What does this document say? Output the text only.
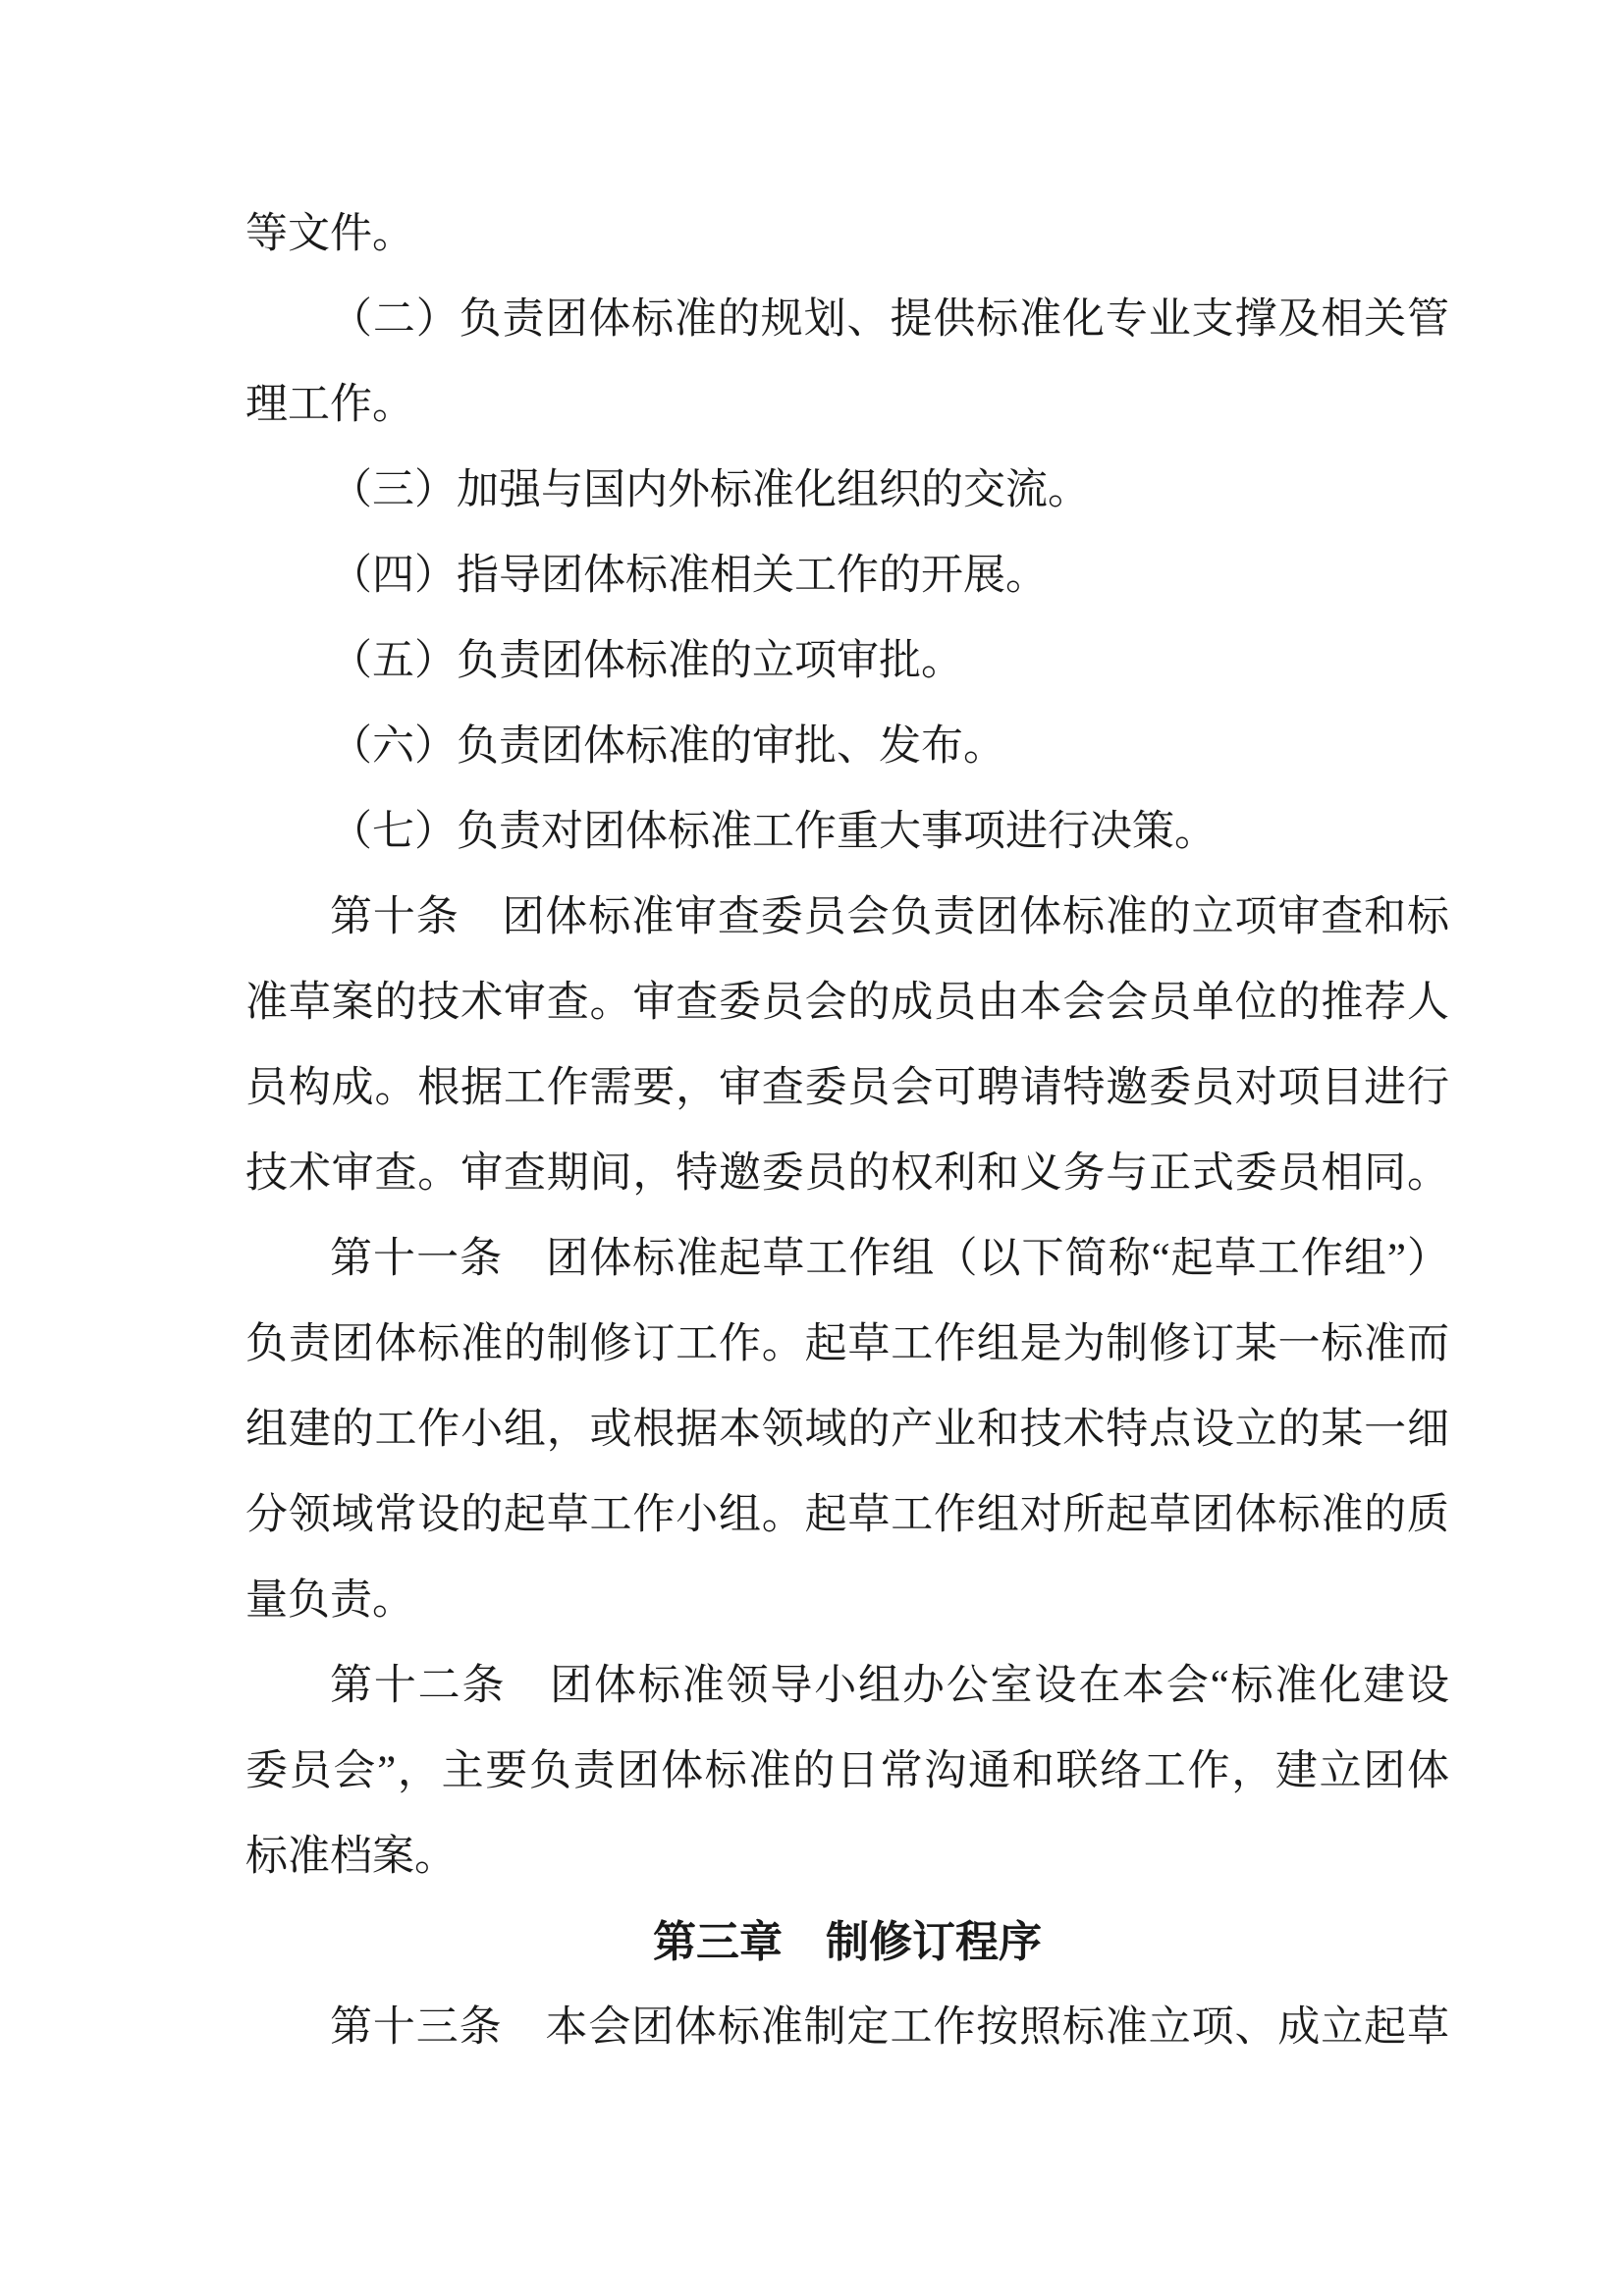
等文件。
（二）负责团体标准的规划、提供标准化专业支撑及相关管
理工作。
（三）加强与国内外标准化组织的交流。
（四）指导团体标准相关工作的开展。
（五）负责团体标准的立项审批。
（六）负责团体标准的审批、发布。
（七）负责对团体标准工作重大事项进行决策。
第十条　团体标准审查委员会负责团体标准的立项审查和标
准草案的技术审查。审查委员会的成员由本会会员单位的推荐人
员构成。根据工作需要，审查委员会可聘请特邀委员对项目进行
技术审查。审查期间，特邀委员的权利和义务与正式委员相同。
第十一条　团体标准起草工作组（以下简称“起草工作组”）
负责团体标准的制修订工作。起草工作组是为制修订某一标准而
组建的工作小组，或根据本领域的产业和技术特点设立的某一细
分领域常设的起草工作小组。起草工作组对所起草团体标准的质
量负责。
第十二条　团体标准领导小组办公室设在本会“标准化建设
委员会”，主要负责团体标准的日常沟通和联络工作，建立团体
标准档案。
第三章　制修订程序
第十三条　本会团体标准制定工作按照标准立项、成立起草
